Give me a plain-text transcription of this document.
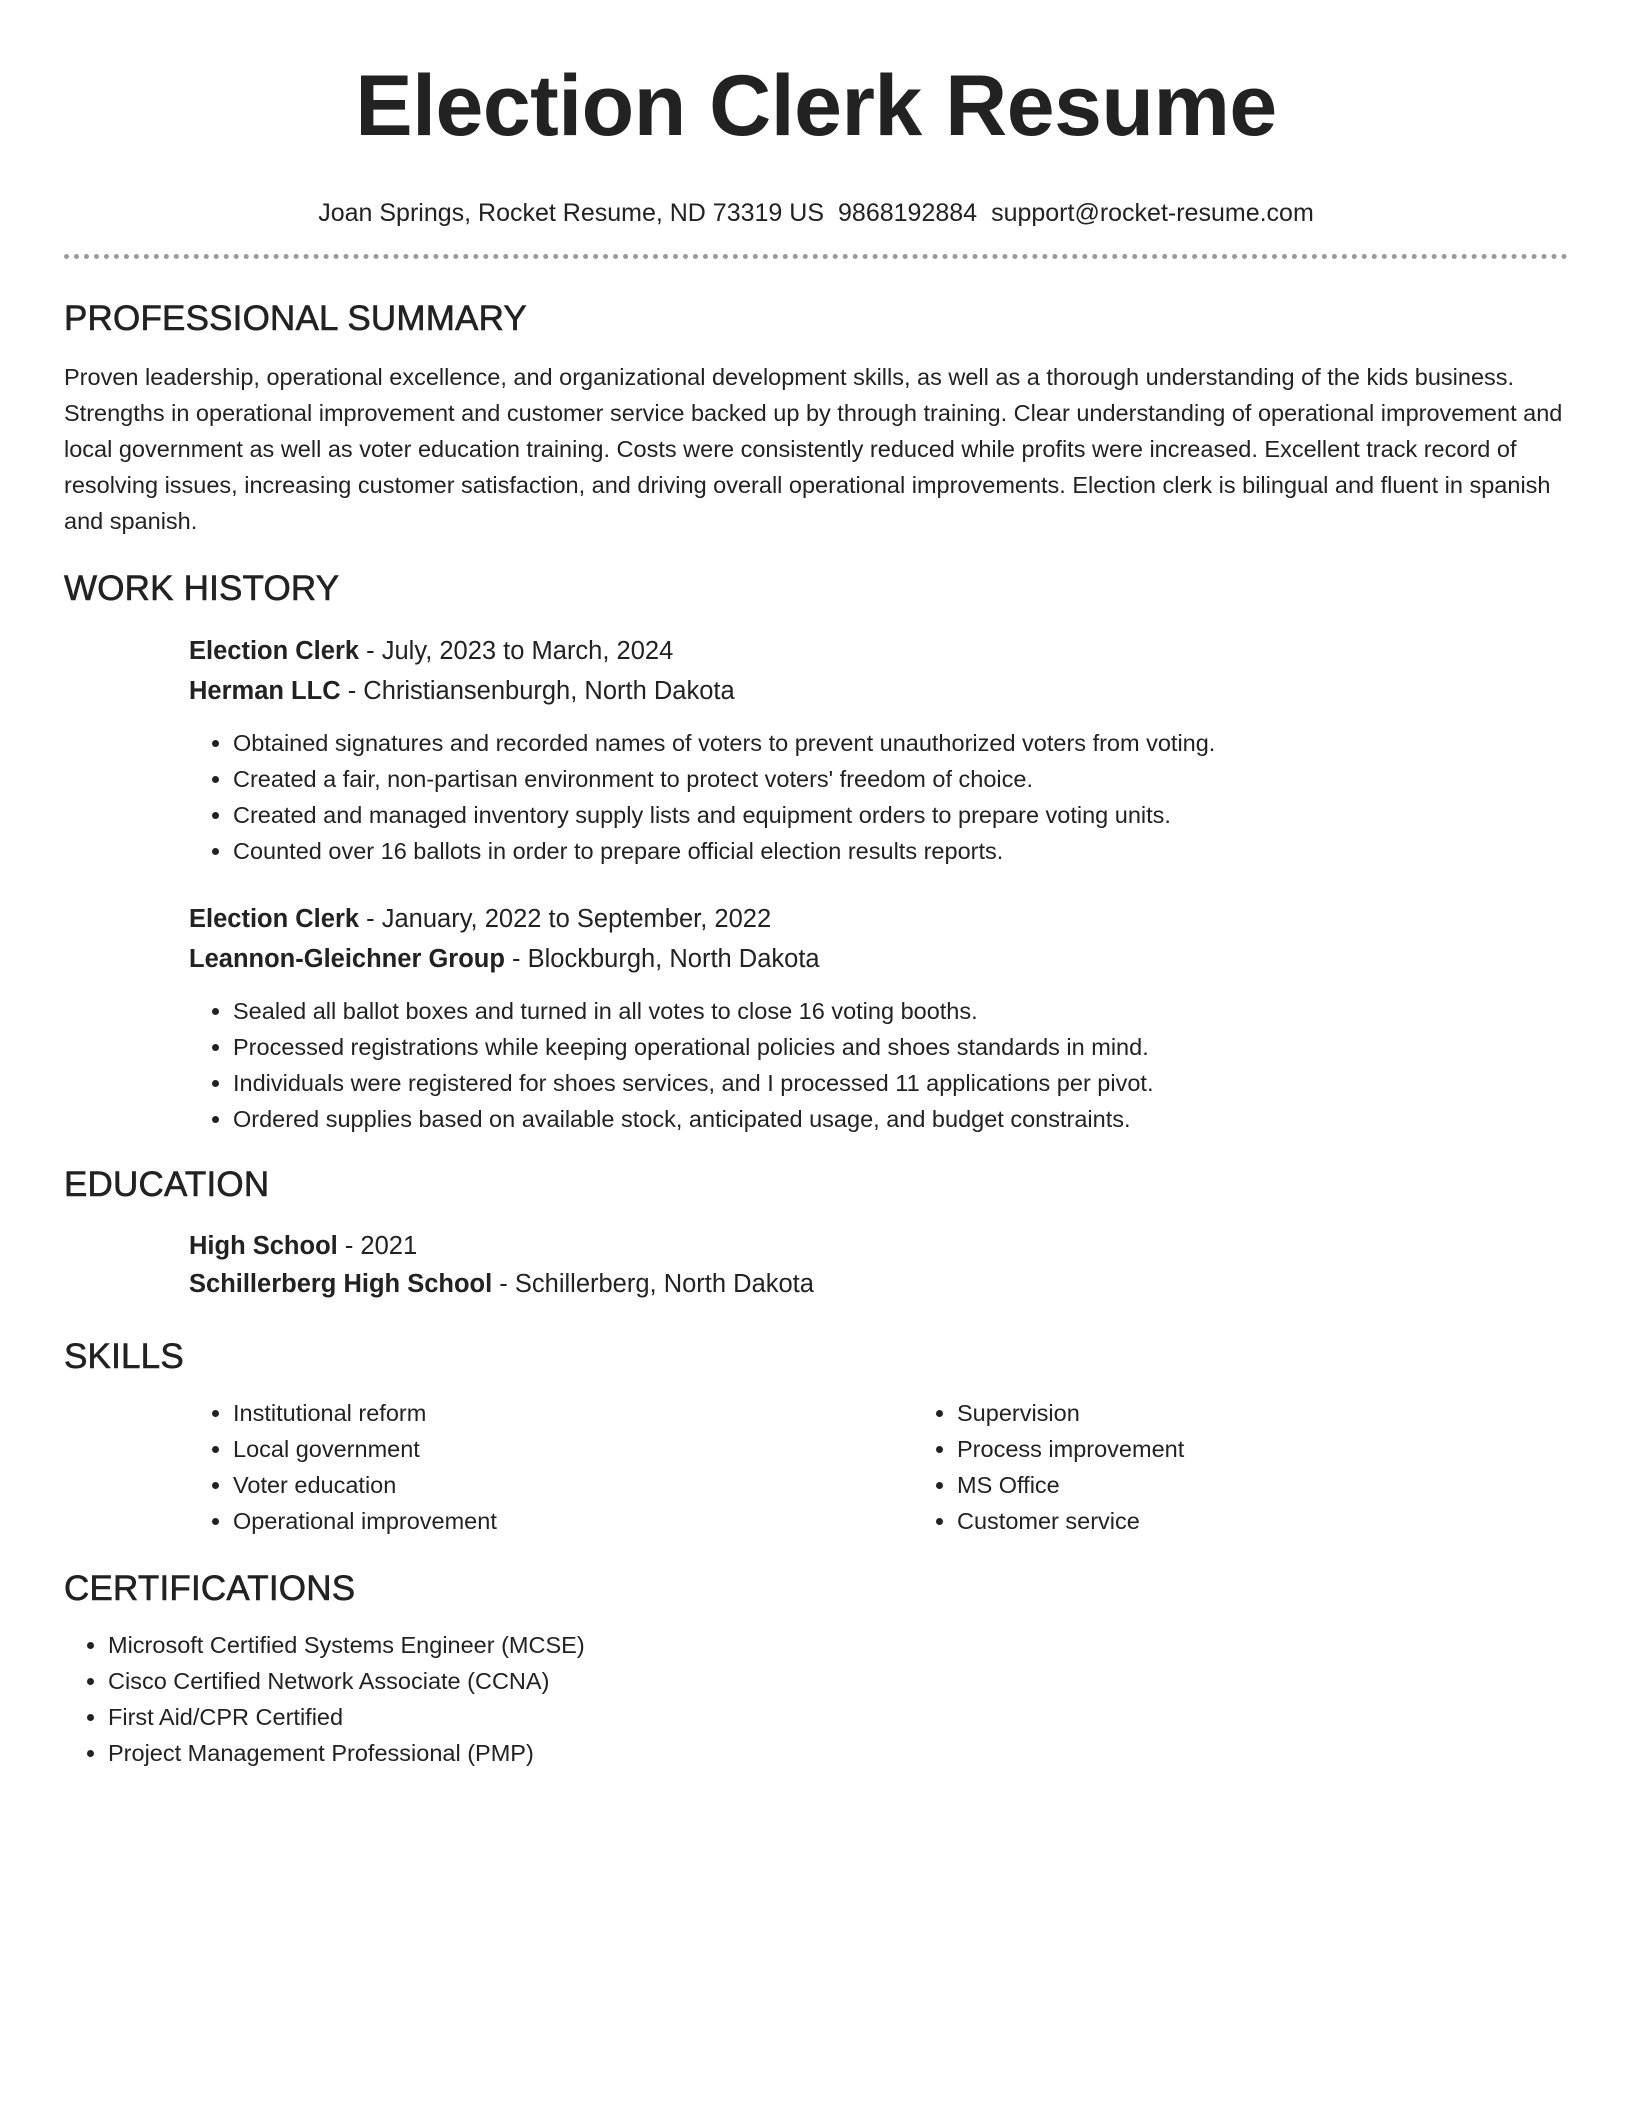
Election Clerk Resume
Joan Springs, Rocket Resume, ND 73319 US 9868192884 support@rocket-resume.com
PROFESSIONAL SUMMARY

Proven leadership, operational excellence, and organizational development skills, as well as a thorough understanding of the kids business. Strengths in operational improvement and customer service backed up by through training. Clear understanding of operational improvement and local government as well as voter education training. Costs were consistently reduced while profits were increased. Excellent track record of resolving issues, increasing customer satisfaction, and driving overall operational improvements. Election clerk is bilingual and fluent in spanish and spanish.

WORK HISTORY

Election Clerk - July, 2023 to March, 2024

Herman LLC - Christiansenburgh, North Dakota

• Obtained signatures and recorded names of voters to prevent unauthorized voters from voting.
• Created a fair, non-partisan environment to protect voters' freedom of choice.
• Created and managed inventory supply lists and equipment orders to prepare voting units.
• Counted over 16 ballots in order to prepare official election results reports.

Election Clerk - January, 2022 to September, 2022

Leannon-Gleichner Group - Blockburgh, North Dakota

• Sealed all ballot boxes and turned in all votes to close 16 voting booths.
• Processed registrations while keeping operational policies and shoes standards in mind.
• Individuals were registered for shoes services, and I processed 11 applications per pivot.
• Ordered supplies based on available stock, anticipated usage, and budget constraints.
EDUCATION

High School - 2021

Schillerberg High School - Schillerberg, North Dakota

SKILLS
• Institutional reform
• Local government
• Voter education
• Operational improvement
• Supervision
• Process improvement
• MS Office
• Customer service
CERTIFICATIONS
• Microsoft Certified Systems Engineer (MCSE)
• Cisco Certified Network Associate (CCNA)
• First Aid/CPR Certified
• Project Management Professional (PMP)
